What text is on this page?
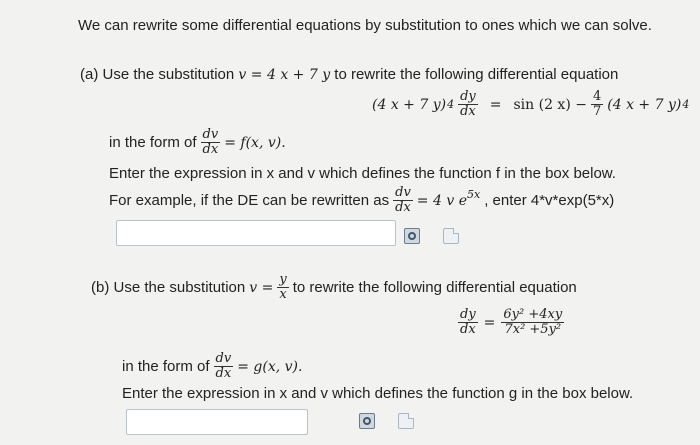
We can rewrite some differential equations by substitution to ones which we can solve.
(a) Use the substitution v = 4 x + 7 y to rewrite the following differential equation
(4 x + 7 y) $4 \frac{dy}{dx} = \sin (2$ $x) - \frac{4}{7} (4$ x + 7 y) 4
in the form of $\frac{dv}{dx} = f(x$, v).
Enter the expression in x and v which defines the function f in the box below.
For example, if the DE can be rewritten as $\frac{dv}{dx} = 4$ v $e^{5x}$ , enter 4*v*exp(5*x)

(b) Use the substitution $v = \frac{y}{x}$ to rewrite the following differential equation
$\frac{dy}{dx} = \frac{\text{6y² +4xy}}{\text{7x² +5y²}}$
in the form of $\frac{dv}{dx} = g(x$, v).
Enter the expression in x and v which defines the function g in the box below.
